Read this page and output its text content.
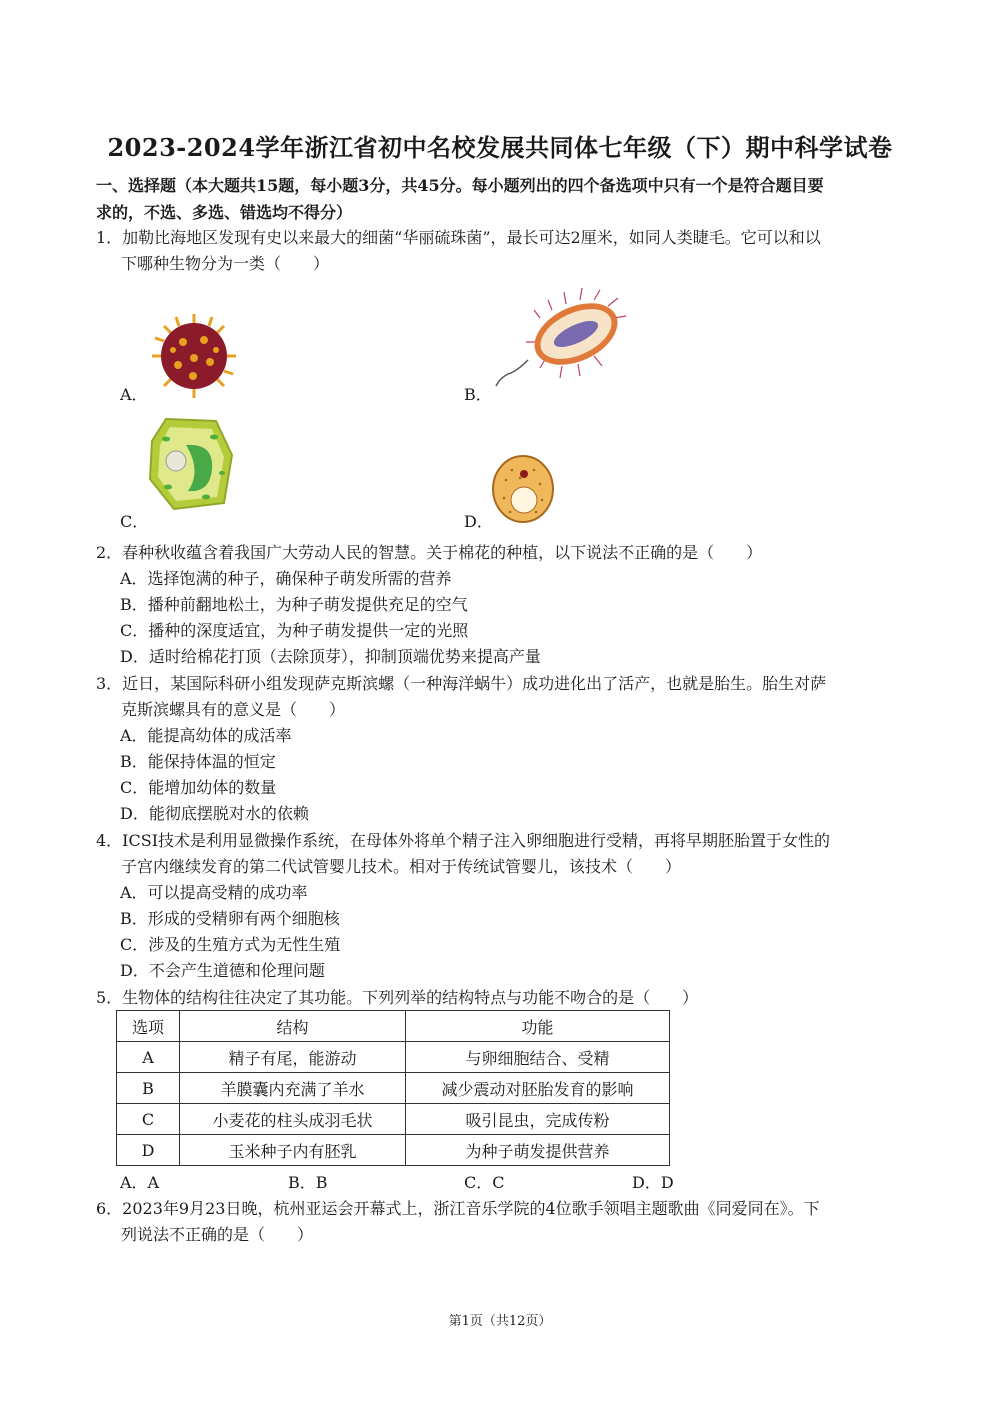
2023-2024学年浙江省初中名校发展共同体七年级（下）期中科学试卷
一、选择题（本大题共15题，每小题3分，共45分。每小题列出的四个备选项中只有一个是符合题目要
求的，不选、多选、错选均不得分）
1．加勒比海地区发现有史以来最大的细菌“华丽硫珠菌”，最长可达2厘米，如同人类睫毛。它可以和以
下哪种生物分为一类（　　）
A．	B．
C．	D．
2．春种秋收蕴含着我国广大劳动人民的智慧。关于棉花的种植，以下说法不正确的是（　　）
A．选择饱满的种子，确保种子萌发所需的营养
B．播种前翻地松土，为种子萌发提供充足的空气
C．播种的深度适宜，为种子萌发提供一定的光照
D．适时给棉花打顶（去除顶芽），抑制顶端优势来提高产量
3．近日，某国际科研小组发现萨克斯滨螺（一种海洋蜗牛）成功进化出了活产，也就是胎生。胎生对萨
克斯滨螺具有的意义是（　　）
A．能提高幼体的成活率
B．能保持体温的恒定
C．能增加幼体的数量
D．能彻底摆脱对水的依赖
4．ICSI技术是利用显微操作系统，在母体外将单个精子注入卵细胞进行受精，再将早期胚胎置于女性的
子宫内继续发育的第二代试管婴儿技术。相对于传统试管婴儿，该技术（　　）
A．可以提高受精的成功率
B．形成的受精卵有两个细胞核
C．涉及的生殖方式为无性生殖
D．不会产生道德和伦理问题
5．生物体的结构往往决定了其功能。下列列举的结构特点与功能不吻合的是（　　）
选项	结构	功能
A	精子有尾，能游动	与卵细胞结合、受精
B	羊膜囊内充满了羊水	减少震动对胚胎发育的影响
C	小麦花的柱头成羽毛状	吸引昆虫，完成传粉
D	玉米种子内有胚乳	为种子萌发提供营养
A．A	B．B	C．C	D．D
6．2023年9月23日晚，杭州亚运会开幕式上，浙江音乐学院的4位歌手领唱主题歌曲《同爱同在》。下
列说法不正确的是（　　）
第1页（共12页）
